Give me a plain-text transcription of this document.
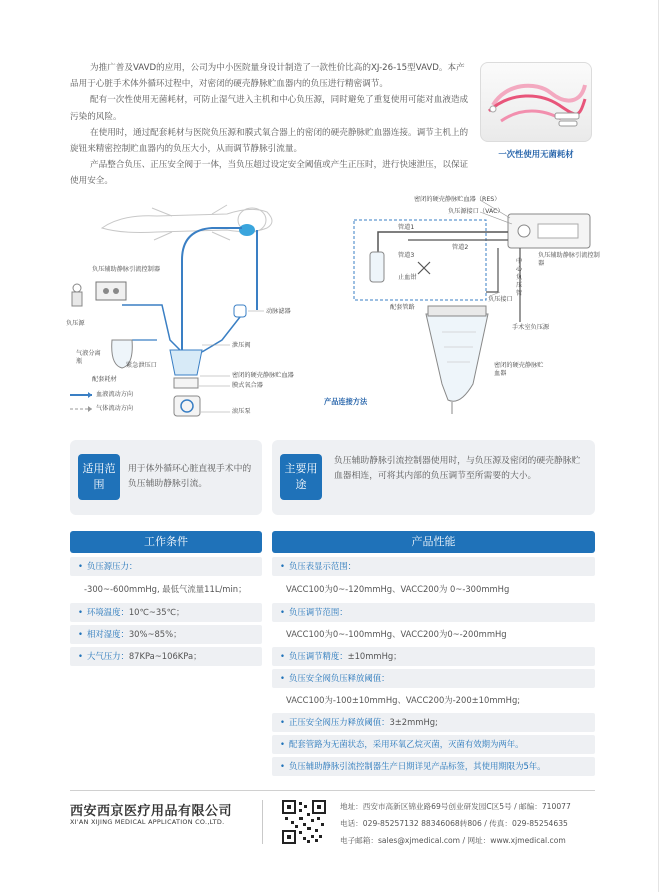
为推广普及VAVD的应用，公司为中小医院量身设计制造了一款性价比高的XJ-26-15型VAVD。本产品用于心脏手术体外循环过程中，对密闭的硬壳静脉贮血器内的负压进行精密调节。

配有一次性使用无菌耗材，可防止湿气进入主机和中心负压源，同时避免了重复使用可能对血液造成污染的风险。

在使用时，通过配套耗材与医院负压源和膜式氧合器上的密闭的硬壳静脉贮血器连接。调节主机上的旋钮来精密控制贮血器内的负压大小，从而调节静脉引流量。

产品整合负压、正压安全阀于一体，当负压超过设定安全阈值或产生正压时，进行快速泄压，以保证使用安全。

一次性使用无菌耗材
负压辅助静脉引流控制器
负压源
气液分离瓶
紧急泄压口
配套耗材
动脉滤器
泄压阀
密闭的硬壳静脉贮血器
膜式氧合器
滚压泵
血液流动方向
气体流动方向
密闭的硬壳静脉贮血器（RES）
负压源接口（VAC）
管道1
管道2
管道3
止血钳
中心负压管
负压辅助静脉引流控制器
负压接口
配套管路
手术室负压源
密闭的硬壳静脉贮血器
产品连接方法
适用范围
用于体外循环心脏直视手术中的负压辅助静脉引流。
主要用途
负压辅助静脉引流控制器使用时，与负压源及密闭的硬壳静脉贮血器相连，可将其内部的负压调节至所需要的大小。
工作条件	产品性能
• 负压源压力：
-300~-600mmHg, 最低气流量11L/min；
• 环境温度：10℃~35℃；
• 相对湿度：30%~85%；
• 大气压力：87KPa~106KPa；
• 负压表显示范围：
VACC100为0~-120mmHg、VACC200为 0~-300mmHg
• 负压调节范围：
VACC100为0~-100mmHg、VACC200为0~-200mmHg
• 负压调节精度：±10mmHg；
• 负压安全阀负压释放阈值：
VACC100为-100±10mmHg、VACC200为-200±10mmHg;
• 正压安全阀压力释放阈值：3±2mmHg;
• 配套管路为无菌状态，采用环氧乙烷灭菌，灭菌有效期为两年。
• 负压辅助静脉引流控制器生产日期详见产品标签，其使用期限为5年。
西安西京医疗用品有限公司
XI'AN XIJING MEDICAL APPLICATION CO.,LTD.
地址：西安市高新区锦业路69号创业研发园C区5号 / 邮编：710077
电话：029-85257132 88346068转806 / 传真：029-85254635
电子邮箱：sales@xjmedical.com / 网址：www.xjmedical.com
